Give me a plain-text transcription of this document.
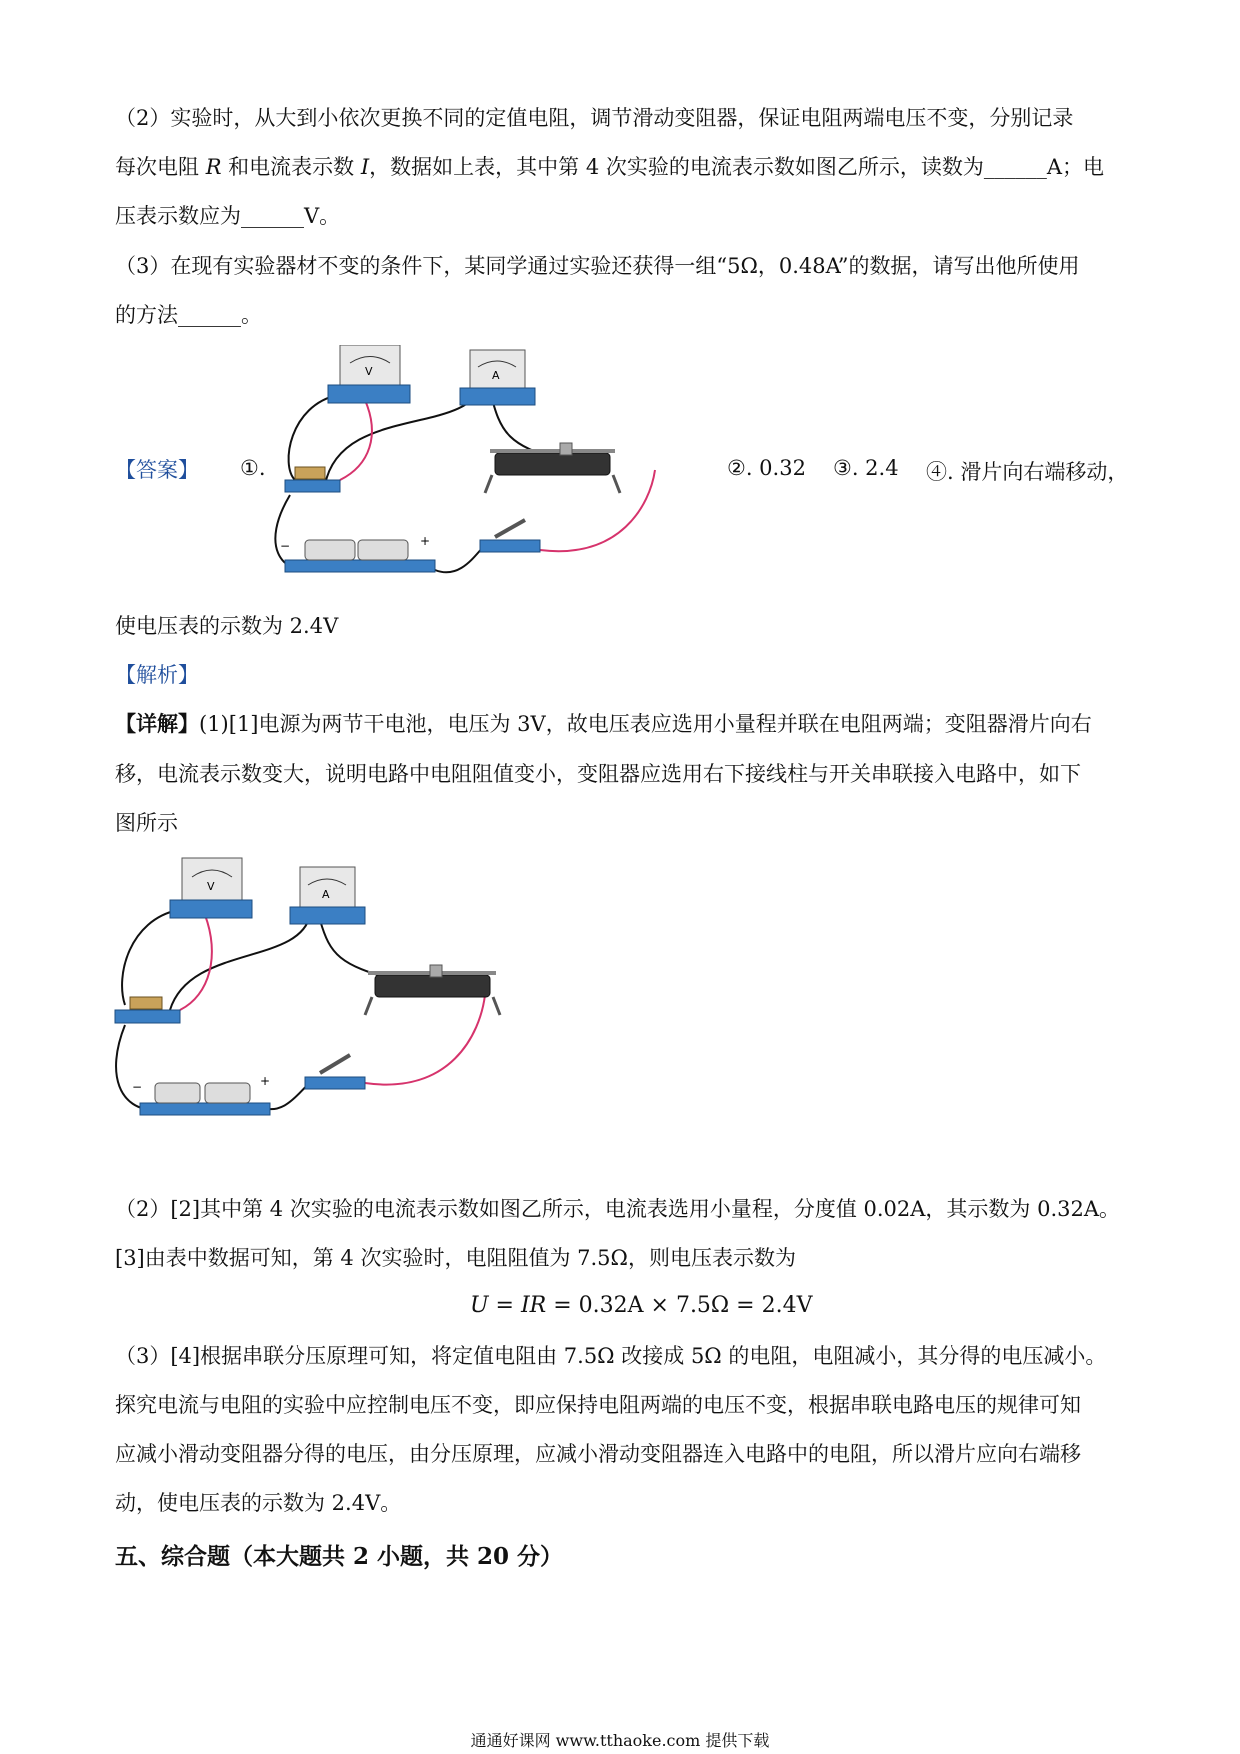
（2）实验时，从大到小依次更换不同的定值电阻，调节滑动变阻器，保证电阻两端电压不变，分别记录
每次电阻 R 和电流表示数 I，数据如上表，其中第 4 次实验的电流表示数如图乙所示，读数为______A；电
压表示数应为______V。
（3）在现有实验器材不变的条件下，某同学通过实验还获得一组“5Ω，0.48A”的数据，请写出他所使用
的方法______。
【答案】 ①.
V	A
−	+
②. 0.32 ③. 2.4 ④. 滑片向右端移动，
使电压表的示数为 2.4V
【解析】
【详解】(1)[1]电源为两节干电池，电压为 3V，故电压表应选用小量程并联在电阻两端；变阻器滑片向右
移，电流表示数变大，说明电路中电阻阻值变小，变阻器应选用右下接线柱与开关串联接入电路中，如下
图所示
V
A
−	+
（2）[2]其中第 4 次实验的电流表示数如图乙所示，电流表选用小量程，分度值 0.02A，其示数为 0.32A。
[3]由表中数据可知，第 4 次实验时，电阻阻值为 7.5Ω，则电压表示数为
U = IR = 0.32A × 7.5Ω = 2.4V
（3）[4]根据串联分压原理可知，将定值电阻由 7.5Ω 改接成 5Ω 的电阻，电阻减小，其分得的电压减小。
探究电流与电阻的实验中应控制电压不变，即应保持电阻两端的电压不变，根据串联电路电压的规律可知
应减小滑动变阻器分得的电压，由分压原理，应减小滑动变阻器连入电路中的电阻，所以滑片应向右端移
动，使电压表的示数为 2.4V。
五、综合题（本大题共 2 小题，共 20 分）
通通好课网 www.tthaoke.com 提供下载
